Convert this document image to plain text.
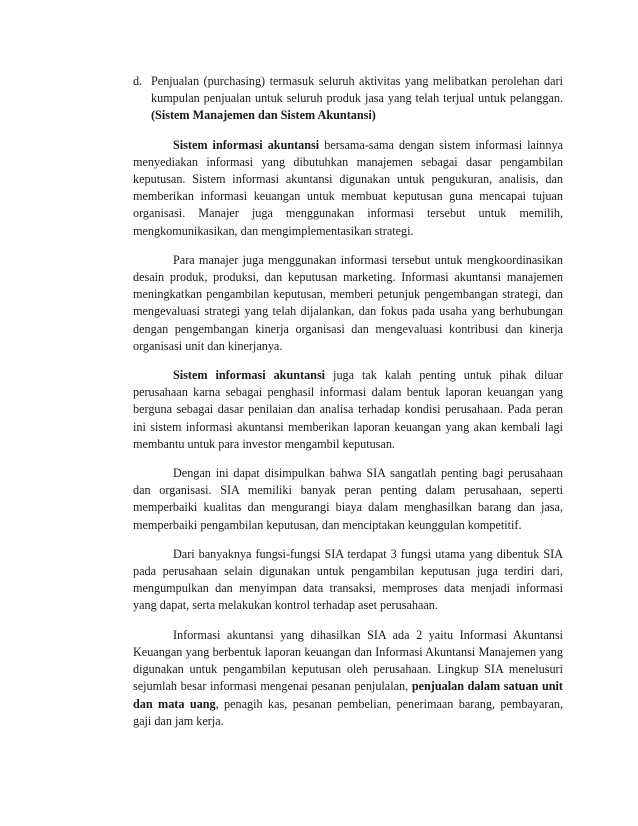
d. Penjualan (purchasing) termasuk seluruh aktivitas yang melibatkan perolehan dari kumpulan penjualan untuk seluruh produk jasa yang telah terjual untuk pelanggan. (Sistem Manajemen dan Sistem Akuntansi)

Sistem informasi akuntansi bersama-sama dengan sistem informasi lainnya menyediakan informasi yang dibutuhkan manajemen sebagai dasar pengambilan keputusan. Sistem informasi akuntansi digunakan untuk pengukuran, analisis, dan memberikan informasi keuangan untuk membuat keputusan guna mencapai tujuan organisasi. Manajer juga menggunakan informasi tersebut untuk memilih, mengkomunikasikan, dan mengimplementasikan strategi.

Para manajer juga menggunakan informasi tersebut untuk mengkoordinasikan desain produk, produksi, dan keputusan marketing. Informasi akuntansi manajemen meningkatkan pengambilan keputusan, memberi petunjuk pengembangan strategi, dan mengevaluasi strategi yang telah dijalankan, dan fokus pada usaha yang berhubungan dengan pengembangan kinerja organisasi dan mengevaluasi kontribusi dan kinerja organisasi unit dan kinerjanya.

Sistem informasi akuntansi juga tak kalah penting untuk pihak diluar perusahaan karna sebagai penghasil informasi dalam bentuk laporan keuangan yang berguna sebagai dasar penilaian dan analisa terhadap kondisi perusahaan. Pada peran ini sistem informasi akuntansi memberikan laporan keuangan yang akan kembali lagi membantu untuk para investor mengambil keputusan.

Dengan ini dapat disimpulkan bahwa SIA sangatlah penting bagi perusahaan dan organisasi. SIA memiliki banyak peran penting dalam perusahaan, seperti memperbaiki kualitas dan mengurangi biaya dalam menghasilkan barang dan jasa, memperbaiki pengambilan keputusan, dan menciptakan keunggulan kompetitif.

Dari banyaknya fungsi-fungsi SIA terdapat 3 fungsi utama yang dibentuk SIA pada perusahaan selain digunakan untuk pengambilan keputusan juga terdiri dari, mengumpulkan dan menyimpan data transaksi, memproses data menjadi informasi yang dapat, serta melakukan kontrol terhadap aset perusahaan.

Informasi akuntansi yang dihasilkan SIA ada 2 yaitu Informasi Akuntansi Keuangan yang berbentuk laporan keuangan dan Informasi Akuntansi Manajemen yang digunakan untuk pengambilan keputusan oleh perusahaan. Lingkup SIA menelusuri sejumlah besar informasi mengenai pesanan penjulalan, penjualan dalam satuan unit dan mata uang, penagih kas, pesanan pembelian, penerimaan barang, pembayaran, gaji dan jam kerja.
